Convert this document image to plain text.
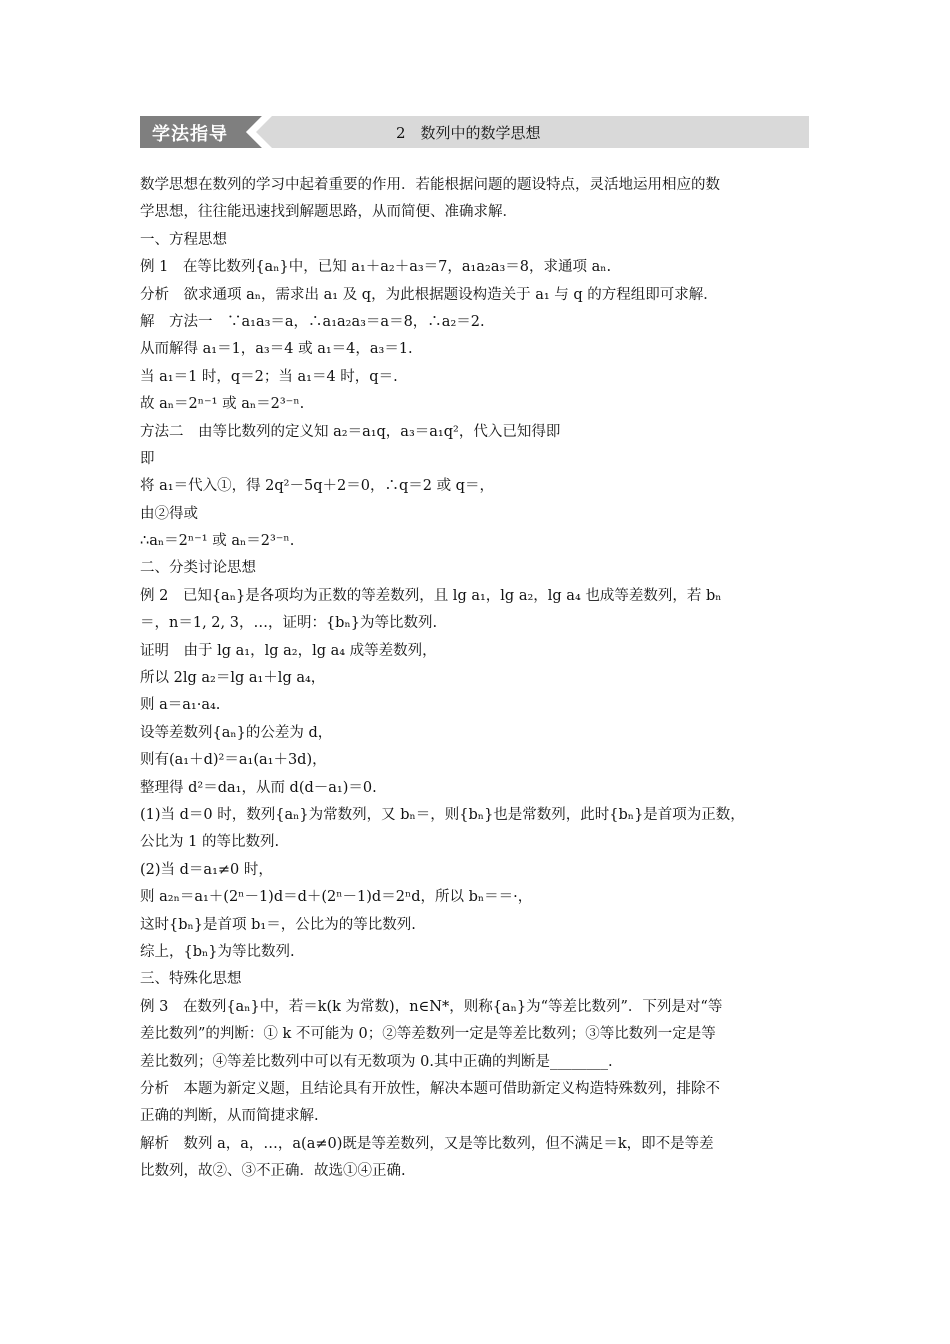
学法指导	2　数列中的数学思想
数学思想在数列的学习中起着重要的作用．若能根据问题的题设特点，灵活地运用相应的数
学思想，往往能迅速找到解题思路，从而简便、准确求解．
一、方程思想
例 1　在等比数列{aₙ}中，已知 a₁＋a₂＋a₃＝7，a₁a₂a₃＝8，求通项 aₙ.
分析　欲求通项 aₙ，需求出 a₁ 及 q，为此根据题设构造关于 a₁ 与 q 的方程组即可求解．
解　方法一　∵a₁a₃＝a，∴a₁a₂a₃＝a＝8，∴a₂＝2.
从而解得 a₁＝1，a₃＝4 或 a₁＝4，a₃＝1.
当 a₁＝1 时，q＝2；当 a₁＝4 时，q＝.
故 aₙ＝2ⁿ⁻¹ 或 aₙ＝2³⁻ⁿ.
方法二　由等比数列的定义知 a₂＝a₁q，a₃＝a₁q²，代入已知得即
即
将 a₁＝代入①，得 2q²－5q＋2＝0，∴q＝2 或 q＝，
由②得或
∴aₙ＝2ⁿ⁻¹ 或 aₙ＝2³⁻ⁿ.
二、分类讨论思想
例 2　已知{aₙ}是各项均为正数的等差数列，且 lg a₁，lg a₂，lg a₄ 也成等差数列，若 bₙ
＝，n＝1, 2, 3，…，证明：{bₙ}为等比数列.
证明　由于 lg a₁，lg a₂，lg a₄ 成等差数列，
所以 2lg a₂＝lg a₁＋lg a₄，
则 a＝a₁·a₄.
设等差数列{aₙ}的公差为 d，
则有(a₁＋d)²＝a₁(a₁＋3d)，
整理得 d²＝da₁，从而 d(d－a₁)＝0.
(1)当 d＝0 时，数列{aₙ}为常数列，又 bₙ＝，则{bₙ}也是常数列，此时{bₙ}是首项为正数，
公比为 1 的等比数列.
(2)当 d＝a₁≠0 时，
则 a₂ₙ＝a₁＋(2ⁿ－1)d＝d＋(2ⁿ－1)d＝2ⁿd，所以 bₙ＝＝·，
这时{bₙ}是首项 b₁＝，公比为的等比数列.
综上，{bₙ}为等比数列.
三、特殊化思想
例 3　在数列{aₙ}中，若＝k(k 为常数)，n∈N*，则称{aₙ}为“等差比数列”．下列是对“等
差比数列”的判断：① k 不可能为 0；②等差数列一定是等差比数列；③等比数列一定是等
差比数列；④等差比数列中可以有无数项为 0.其中正确的判断是________.
分析　本题为新定义题，且结论具有开放性，解决本题可借助新定义构造特殊数列，排除不
正确的判断，从而简捷求解.
解析　数列 a，a，…，a(a≠0)既是等差数列，又是等比数列，但不满足＝k，即不是等差
比数列，故②、③不正确．故选①④正确.
